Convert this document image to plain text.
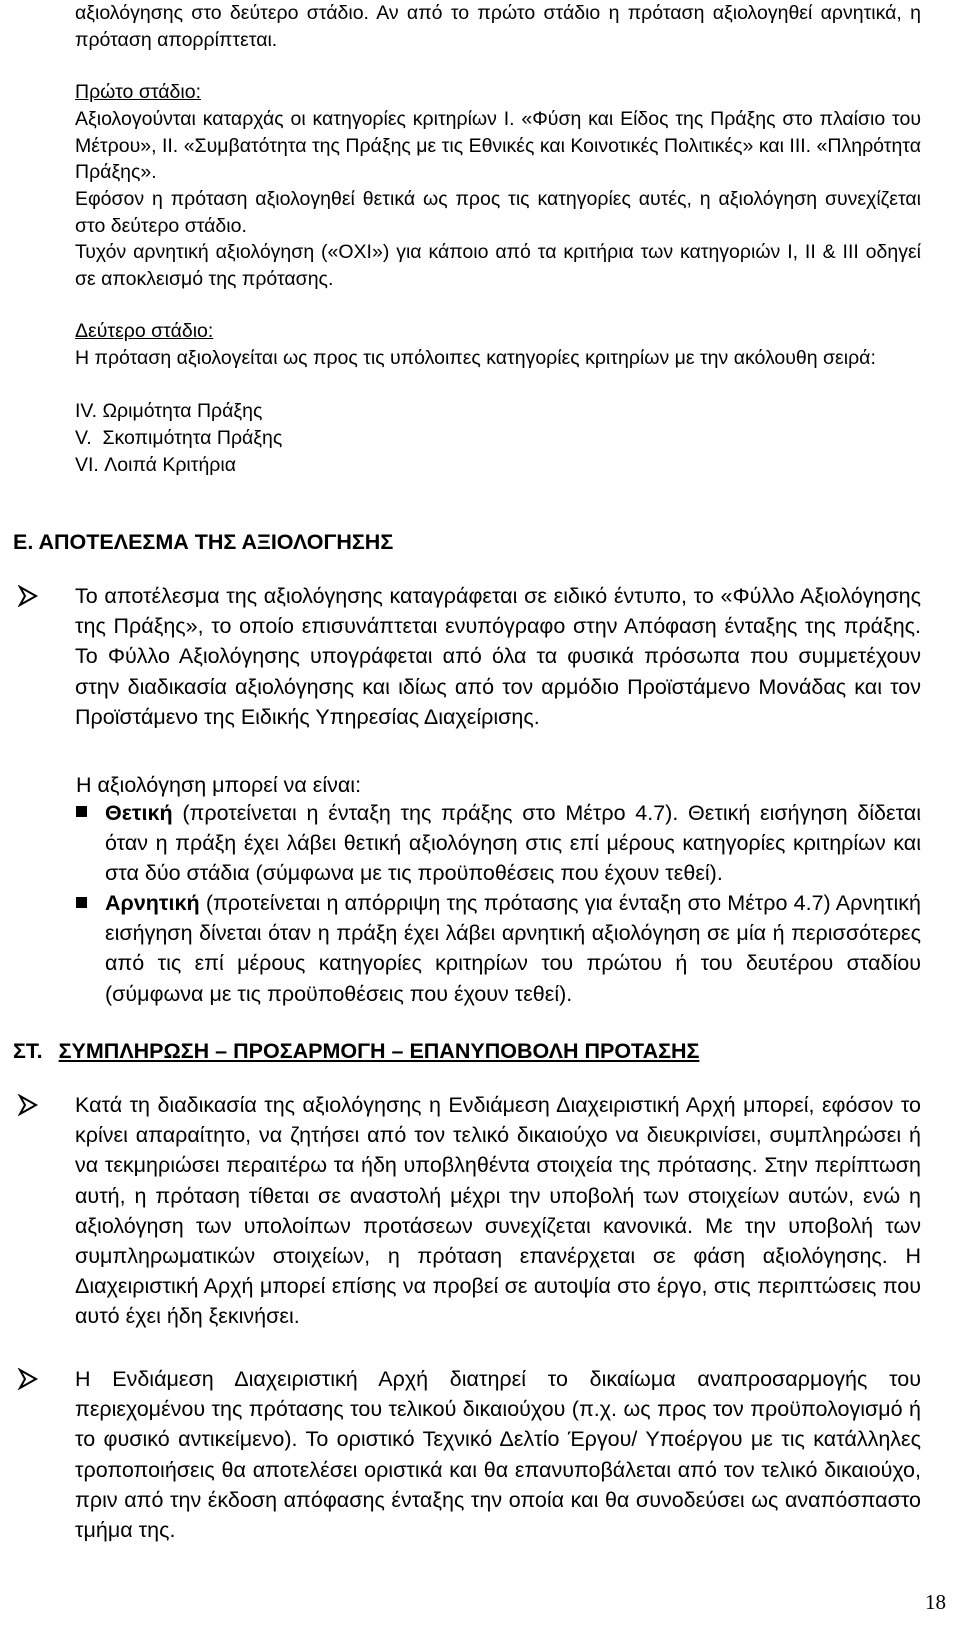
αξιολόγησης στο δεύτερο στάδιο. Αν από το πρώτο στάδιο η πρόταση αξιολογηθεί αρνητικά, η πρόταση απορρίπτεται.

Πρώτο στάδιο:

Αξιολογούνται καταρχάς οι κατηγορίες κριτηρίων Ι. «Φύση και Είδος της Πράξης στο πλαίσιο του Μέτρου», ΙΙ. «Συμβατότητα της Πράξης με τις Εθνικές και Κοινοτικές Πολιτικές» και ΙΙΙ. «Πληρότητα Πράξης».

Εφόσον η πρόταση αξιολογηθεί θετικά ως προς τις κατηγορίες αυτές, η αξιολόγηση συνεχίζεται στο δεύτερο στάδιο.

Τυχόν αρνητική αξιολόγηση («ΟΧΙ») για κάποιο από τα κριτήρια των κατηγοριών Ι, ΙΙ & ΙΙΙ οδηγεί σε αποκλεισμό της πρότασης.

Δεύτερο στάδιο:

Η πρόταση αξιολογείται ως προς τις υπόλοιπες κατηγορίες κριτηρίων με την ακόλουθη σειρά:

IV. Ωριμότητα Πράξης

V.  Σκοπιμότητα Πράξης

VI. Λοιπά Κριτήρια

Ε. ΑΠΟΤΕΛΕΣΜΑ ΤΗΣ ΑΞΙΟΛΟΓΗΣΗΣ

Το αποτέλεσμα της αξιολόγησης καταγράφεται σε ειδικό έντυπο, το «Φύλλο Αξιολόγησης της Πράξης», το οποίο επισυνάπτεται ενυπόγραφο στην Απόφαση ένταξης της πράξης. Το Φύλλο Αξιολόγησης υπογράφεται από όλα τα φυσικά πρόσωπα που συμμετέχουν στην διαδικασία αξιολόγησης και ιδίως από τον αρμόδιο Προϊστάμενο Μονάδας και τον Προϊστάμενο της Ειδικής Υπηρεσίας Διαχείρισης.

Η αξιολόγηση μπορεί να είναι:

Θετική (προτείνεται η ένταξη της πράξης στο Μέτρο 4.7). Θετική εισήγηση δίδεται όταν η πράξη έχει λάβει θετική αξιολόγηση στις επί μέρους κατηγορίες κριτηρίων και στα δύο στάδια (σύμφωνα με τις προϋποθέσεις που έχουν τεθεί).

Αρνητική (προτείνεται η απόρριψη της πρότασης για ένταξη στο Μέτρο 4.7) Αρνητική εισήγηση δίνεται όταν η πράξη έχει λάβει αρνητική αξιολόγηση σε μία ή περισσότερες από τις επί μέρους κατηγορίες κριτηρίων του πρώτου ή του δευτέρου σταδίου (σύμφωνα με τις προϋποθέσεις που έχουν τεθεί).

ΣΤ. ΣΥΜΠΛΗΡΩΣΗ – ΠΡΟΣΑΡΜΟΓΗ – ΕΠΑΝΥΠΟΒΟΛΗ ΠΡΟΤΑΣΗΣ

Κατά τη διαδικασία της αξιολόγησης η Ενδιάμεση Διαχειριστική Αρχή μπορεί, εφόσον το κρίνει απαραίτητο, να ζητήσει από τον τελικό δικαιούχο να διευκρινίσει, συμπληρώσει ή να τεκμηριώσει περαιτέρω τα ήδη υποβληθέντα στοιχεία της πρότασης. Στην περίπτωση αυτή, η πρόταση τίθεται σε αναστολή μέχρι την υποβολή των στοιχείων αυτών, ενώ η αξιολόγηση των υπολοίπων προτάσεων συνεχίζεται κανονικά. Με την υποβολή των συμπληρωματικών στοιχείων, η πρόταση επανέρχεται σε φάση αξιολόγησης. Η Διαχειριστική Αρχή μπορεί επίσης να προβεί σε αυτοψία στο έργο, στις περιπτώσεις που αυτό έχει ήδη ξεκινήσει.

Η Ενδιάμεση Διαχειριστική Αρχή διατηρεί το δικαίωμα αναπροσαρμογής του περιεχομένου της πρότασης του τελικού δικαιούχου (π.χ. ως προς τον προϋπολογισμό ή το φυσικό αντικείμενο). Το οριστικό Τεχνικό Δελτίο Έργου/ Υποέργου με τις κατάλληλες τροποποιήσεις θα αποτελέσει οριστικά και θα επανυποβάλεται από τον τελικό δικαιούχο, πριν από την έκδοση απόφασης ένταξης την οποία και θα συνοδεύσει ως αναπόσπαστο τμήμα της.

18
